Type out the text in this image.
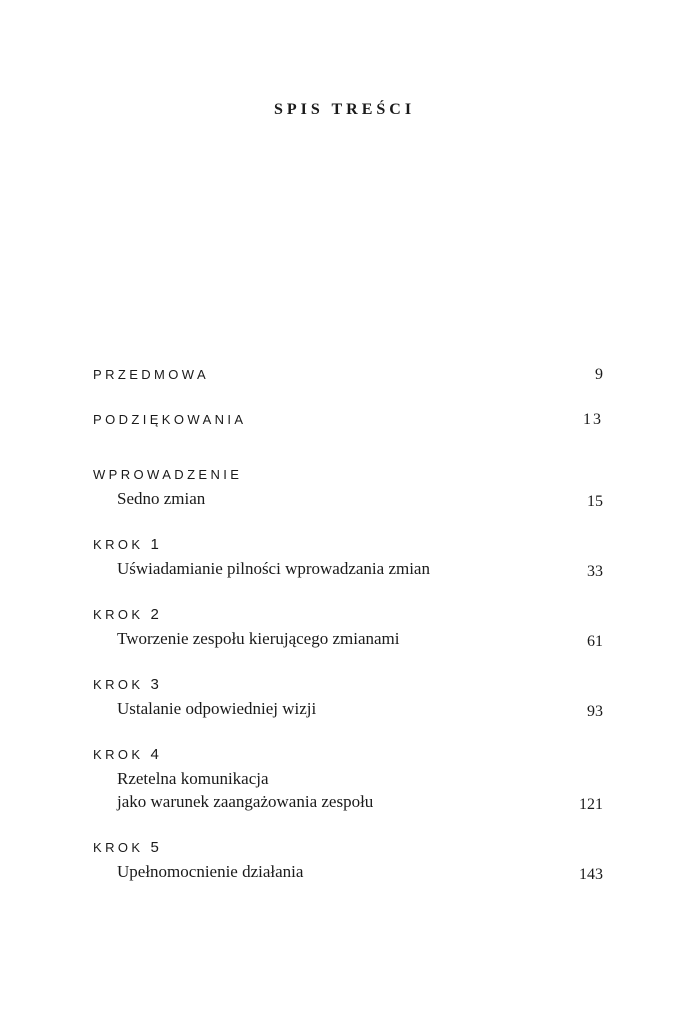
SPIS TREŚCI
PRZEDMOWA	9
PODZIĘKOWANIA	13
WPROWADZENIE
Sedno zmian	15
KROK 1
Uświadamianie pilności wprowadzania zmian	33
KROK 2
Tworzenie zespołu kierującego zmianami	61
KROK 3
Ustalanie odpowiedniej wizji	93
KROK 4
Rzetelna komunikacja
jako warunek zaangażowania zespołu	121
KROK 5
Upełnomocnienie działania	143
